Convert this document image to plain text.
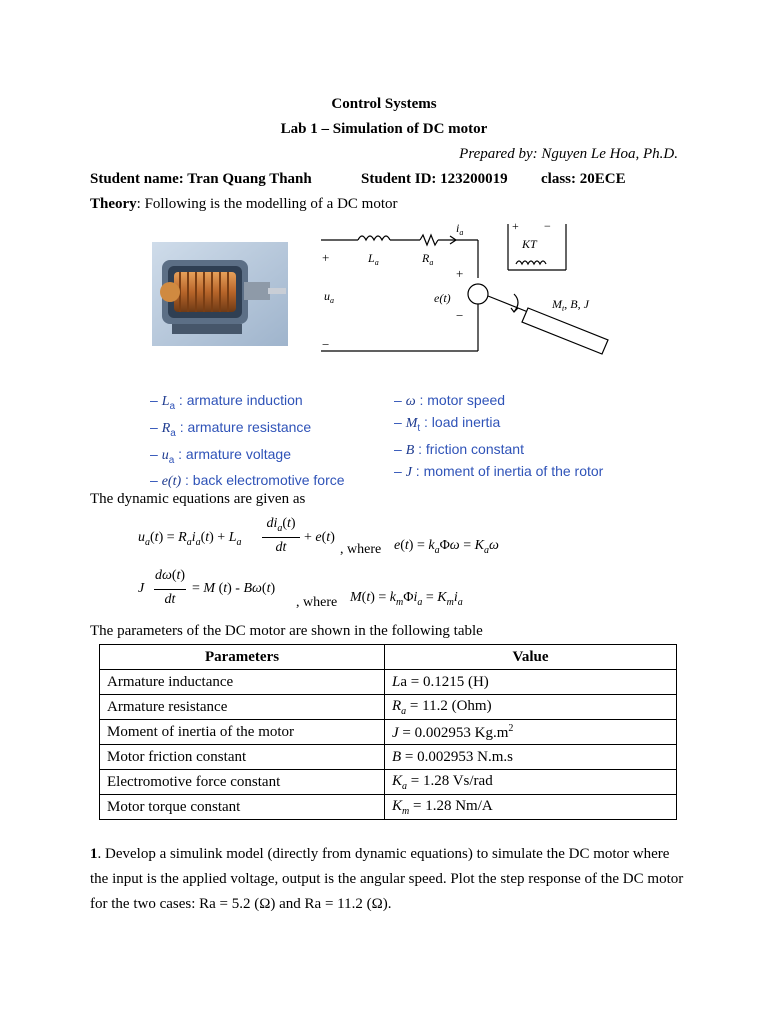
Control Systems
Lab 1 – Simulation of DC motor
Prepared by: Nguyen Le Hoa, Ph.D.
Student name: Tran Quang Thanh	Student ID: 123200019 class: 20ECE
Theory: Following is the modelling of a DC motor
+
−
+
−
+ −
$i_a$
$L_a$	$R_a$
$u_a$	e(t)
KT
$M_t$, B, J
– $L_a$ : armature induction
– $R_a$ : armature resistance
– $u_a$ : armature voltage
– e(t) : back electromotive force
– ω : motor speed
– $M_t$ : load inertia
– B : friction constant
– J : moment of inertia of the rotor
The dynamic equations are given as
$u_a(t) = R_ai_a(t) + L_a$
$di_a(t)$
dt
+ e(t)
, where $e(t) = k_a\Phi\omega = K_a\omega$
J
dω(t)
dt
= M (t) - Bω(t)
, where $M(t) = k_m\Phi i_a = K_mi_a$
The parameters of the DC motor are shown in the following table
Parameters	Value
Armature inductance	La = 0.1215 (H)
Armature resistance	$R_a = 11.2$ (Ohm)
Moment of inertia of the motor	J = 0.002953 $Kg.m^2$
Motor friction constant	B = 0.002953 N.m.s
Electromotive force constant	$K_a = 1.28$ Vs/rad
Motor torque constant	$K_m = 1.28$ Nm/A
1. Develop a simulink model (directly from dynamic equations) to simulate the DC motor where the input is the applied voltage, output is the angular speed. Plot the step response of the DC motor for the two cases: Ra = 5.2 (Ω) and Ra = 11.2 (Ω).
